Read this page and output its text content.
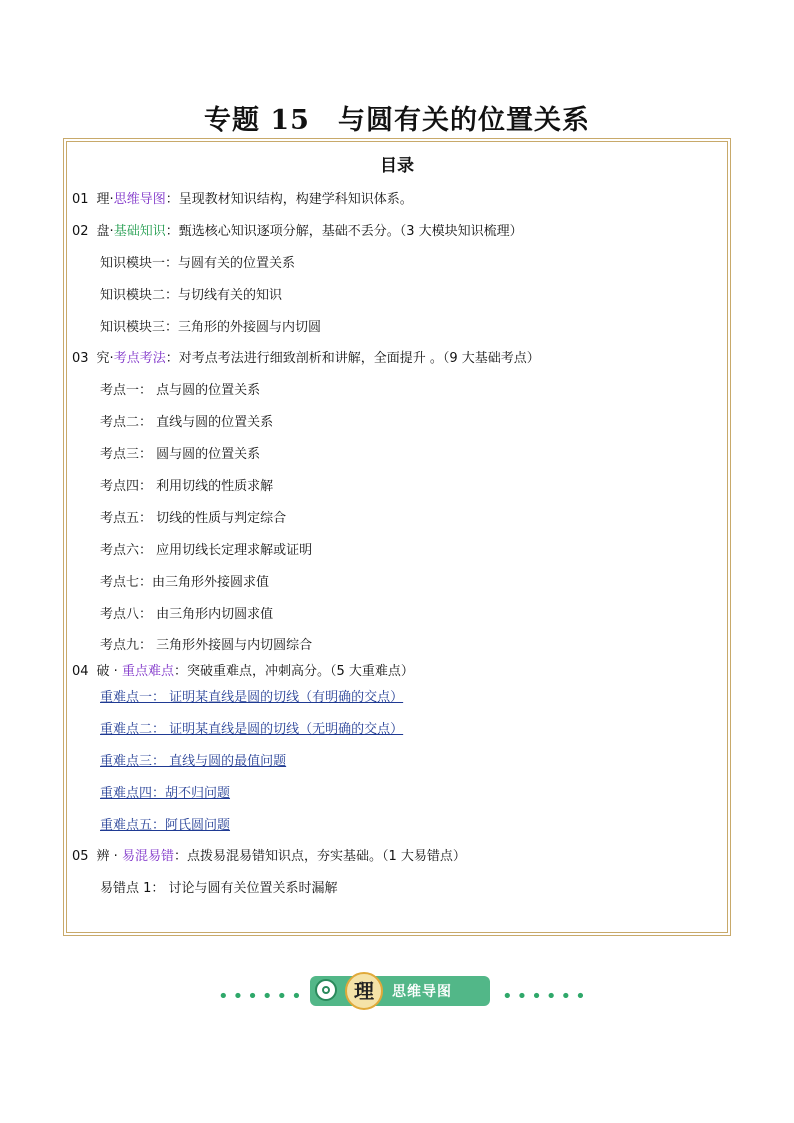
专题 15　与圆有关的位置关系
目录
01 理·思维导图：呈现教材知识结构，构建学科知识体系。
02 盘·基础知识：甄选核心知识逐项分解，基础不丢分。（3 大模块知识梳理）
知识模块一：与圆有关的位置关系
知识模块二：与切线有关的知识
知识模块三：三角形的外接圆与内切圆
03 究·考点考法：对考点考法进行细致剖析和讲解，全面提升 。（9 大基础考点）
考点一： 点与圆的位置关系
考点二： 直线与圆的位置关系
考点三： 圆与圆的位置关系
考点四： 利用切线的性质求解
考点五： 切线的性质与判定综合
考点六： 应用切线长定理求解或证明
考点七：由三角形外接圆求值
考点八： 由三角形内切圆求值
考点九： 三角形外接圆与内切圆综合
04 破 · 重点难点：突破重难点，冲刺高分。（5 大重难点）
重难点一： 证明某直线是圆的切线（有明确的交点）
重难点二： 证明某直线是圆的切线（无明确的交点）
重难点三： 直线与圆的最值问题
重难点四：胡不归问题
重难点五：阿氏圆问题
05 辨 · 易混易错：点拨易混易错知识点，夯实基础。（1 大易错点）
易错点 1： 讨论与圆有关位置关系时漏解
••••••	理	思维导图	••••••
